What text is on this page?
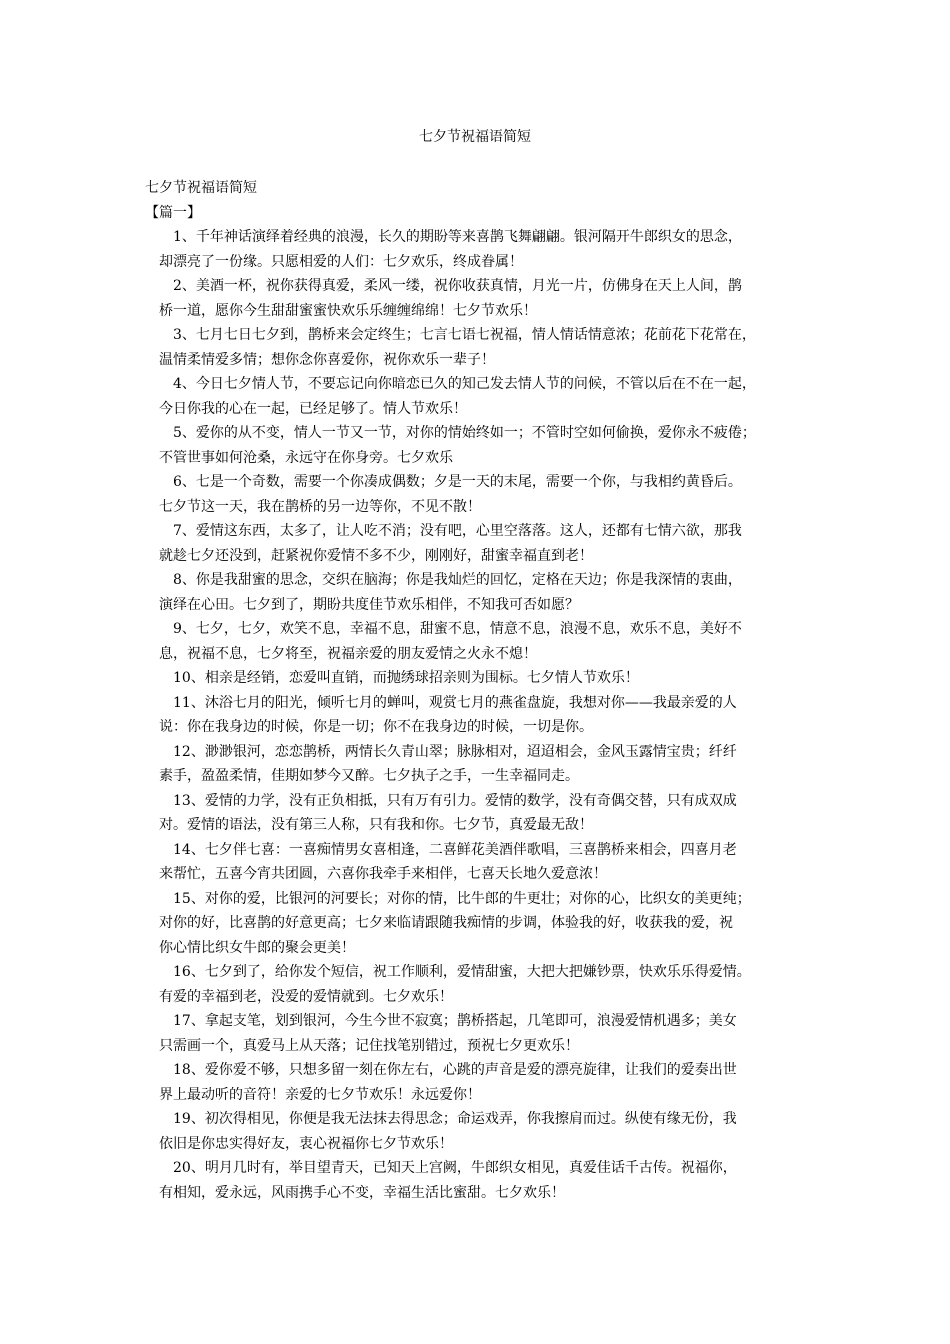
七夕节祝福语简短
七夕节祝福语简短
【篇一】
1、千年神话演绎着经典的浪漫，长久的期盼等来喜鹊飞舞翩翩。银河隔开牛郎织女的思念，
却漂亮了一份缘。只愿相爱的人们：七夕欢乐，终成眷属！
2、美酒一杯，祝你获得真爱，柔风一缕，祝你收获真情，月光一片，仿佛身在天上人间，鹊
桥一道，愿你今生甜甜蜜蜜快欢乐乐缠缠绵绵！七夕节欢乐！
3、七月七日七夕到，鹊桥来会定终生；七言七语七祝福，情人情话情意浓；花前花下花常在，
温情柔情爱多情；想你念你喜爱你，祝你欢乐一辈子！
4、今日七夕情人节，不要忘记向你暗恋已久的知己发去情人节的问候，不管以后在不在一起，
今日你我的心在一起，已经足够了。情人节欢乐！
5、爱你的从不变，情人一节又一节，对你的情始终如一；不管时空如何偷换，爱你永不疲倦；
不管世事如何沧桑，永远守在你身旁。七夕欢乐
6、七是一个奇数，需要一个你凑成偶数；夕是一天的末尾，需要一个你，与我相约黄昏后。
七夕节这一天，我在鹊桥的另一边等你，不见不散！
7、爱情这东西，太多了，让人吃不消；没有吧，心里空落落。这人，还都有七情六欲，那我
就趁七夕还没到，赶紧祝你爱情不多不少，刚刚好，甜蜜幸福直到老！
8、你是我甜蜜的思念，交织在脑海；你是我灿烂的回忆，定格在天边；你是我深情的衷曲，
演绎在心田。七夕到了，期盼共度佳节欢乐相伴，不知我可否如愿？
9、七夕，七夕，欢笑不息，幸福不息，甜蜜不息，情意不息，浪漫不息，欢乐不息，美好不
息，祝福不息，七夕将至，祝福亲爱的朋友爱情之火永不熄！
10、相亲是经销，恋爱叫直销，而抛绣球招亲则为围标。七夕情人节欢乐！
11、沐浴七月的阳光，倾听七月的蝉叫，观赏七月的燕雀盘旋，我想对你——我最亲爱的人
说：你在我身边的时候，你是一切；你不在我身边的时候，一切是你。
12、渺渺银河，恋恋鹊桥，两情长久青山翠；脉脉相对，迢迢相会，金风玉露情宝贵；纤纤
素手，盈盈柔情，佳期如梦今又醉。七夕执子之手，一生幸福同走。
13、爱情的力学，没有正负相抵，只有万有引力。爱情的数学，没有奇偶交替，只有成双成
对。爱情的语法，没有第三人称，只有我和你。七夕节，真爱最无敌！
14、七夕伴七喜：一喜痴情男女喜相逢，二喜鲜花美酒伴歌唱，三喜鹊桥来相会，四喜月老
来帮忙，五喜今宵共团圆，六喜你我牵手来相伴，七喜天长地久爱意浓！
15、对你的爱，比银河的河要长；对你的情，比牛郎的牛更壮；对你的心，比织女的美更纯；
对你的好，比喜鹊的好意更高；七夕来临请跟随我痴情的步调，体验我的好，收获我的爱，祝
你心情比织女牛郎的聚会更美！
16、七夕到了，给你发个短信，祝工作顺利，爱情甜蜜，大把大把嫌钞票，快欢乐乐得爱情。
有爱的幸福到老，没爱的爱情就到。七夕欢乐！
17、拿起支笔，划到银河，今生今世不寂寞；鹊桥搭起，几笔即可，浪漫爱情机遇多；美女
只需画一个，真爱马上从天落；记住找笔别错过，预祝七夕更欢乐！
18、爱你爱不够，只想多留一刻在你左右，心跳的声音是爱的漂亮旋律，让我们的爱奏出世
界上最动听的音符！亲爱的七夕节欢乐！永远爱你！
19、初次得相见，你便是我无法抹去得思念；命运戏弄，你我擦肩而过。纵使有缘无份，我
依旧是你忠实得好友，衷心祝福你七夕节欢乐！
20、明月几时有，举目望青天，已知天上宫阙，牛郎织女相见，真爱佳话千古传。祝福你，
有相知，爱永远，风雨携手心不变，幸福生活比蜜甜。七夕欢乐！
